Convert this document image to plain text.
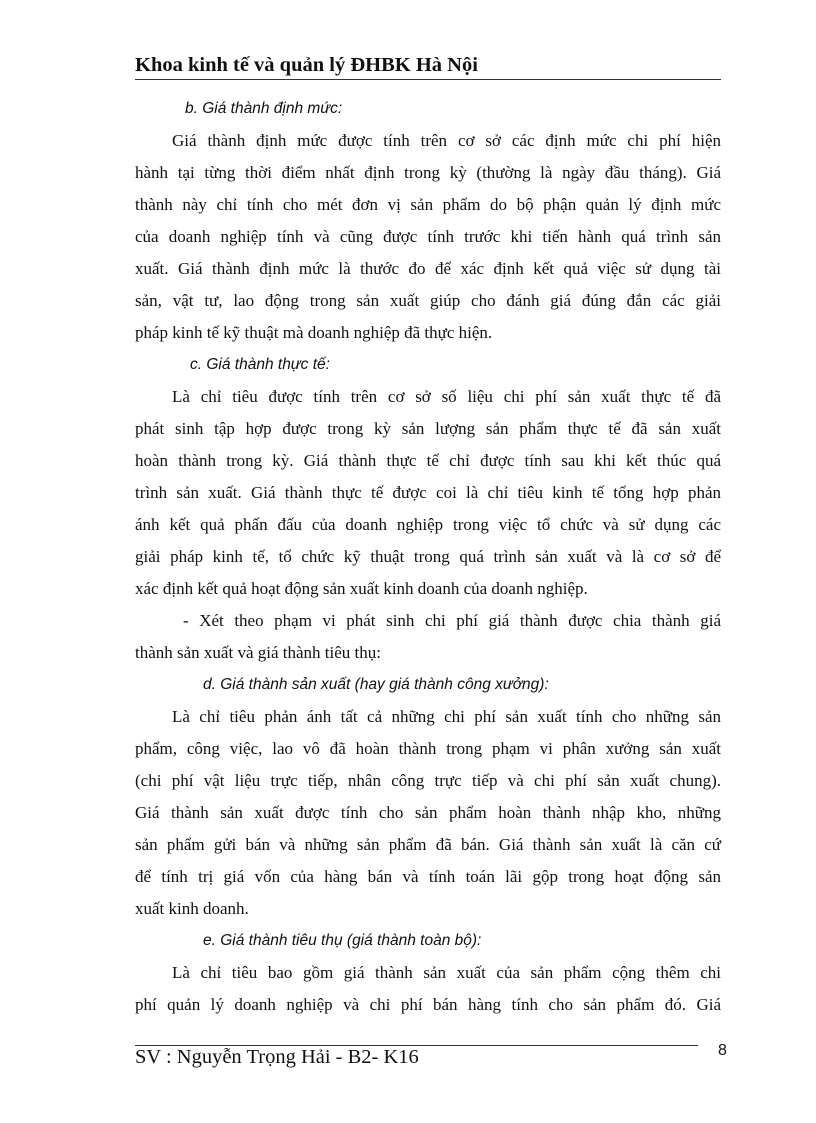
Khoa kinh tế và quản lý ĐHBK Hà Nội
b. Giá thành định mức:
Giá thành định mức được tính trên cơ sở các định mức chi phí hiện
hành tại từng thời điểm nhất định trong kỳ (thường là ngày đầu tháng). Giá
thành này chỉ tính cho mét đơn vị sản phẩm do bộ phận quản lý định mức
của doanh nghiệp tính và cũng được tính trước khi tiến hành quá trình sản
xuất. Giá thành định mức là thước đo để xác định kết quả việc sử dụng tài
sản, vật tư, lao động trong sản xuất giúp cho đánh giá đúng đắn các giải
pháp kinh tế kỹ thuật mà doanh nghiệp đã thực hiện.
c. Giá thành thực tế:
Là chỉ tiêu được tính trên cơ sở số liệu chi phí sản xuất thực tế đã
phát sinh tập hợp được trong kỳ sản lượng sản phẩm thực tế đã sản xuất
hoàn thành trong kỳ. Giá thành thực tế chỉ được tính sau khi kết thúc quá
trình sản xuất. Giá thành thực tế được coi là chỉ tiêu kinh tế tổng hợp phản
ánh kết quả phấn đấu của doanh nghiệp trong việc tổ chức và sử dụng các
giải pháp kinh tế, tổ chức kỹ thuật trong quá trình sản xuất và là cơ sở để
xác định kết quả hoạt động sản xuất kinh doanh của doanh nghiệp.
- Xét theo phạm vi phát sinh chi phí giá thành được chia thành giá
thành sản xuất và giá thành tiêu thụ:
d. Giá thành sản xuất (hay giá thành công xưởng):
Là chỉ tiêu phản ánh tất cả những chi phí sản xuất tính cho những sản
phẩm, công việc, lao vô đã hoàn thành trong phạm vi phân xưởng sản xuất
(chi phí vật liệu trực tiếp, nhân công trực tiếp và chi phí sản xuất chung).
Giá thành sản xuất được tính cho sản phẩm hoàn thành nhập kho, những
sản phẩm gửi bán và những sản phẩm đã bán. Giá thành sản xuất là căn cứ
để tính trị giá vốn của hàng bán và tính toán lãi gộp trong hoạt động sản
xuất kinh doanh.
e. Giá thành tiêu thụ (giá thành toàn bộ):
Là chỉ tiêu bao gồm giá thành sản xuất của sản phẩm cộng thêm chi
phí quản lý doanh nghiệp và chi phí bán hàng tính cho sản phẩm đó. Giá
SV : Nguyễn Trọng Hải - B2- K16	8
